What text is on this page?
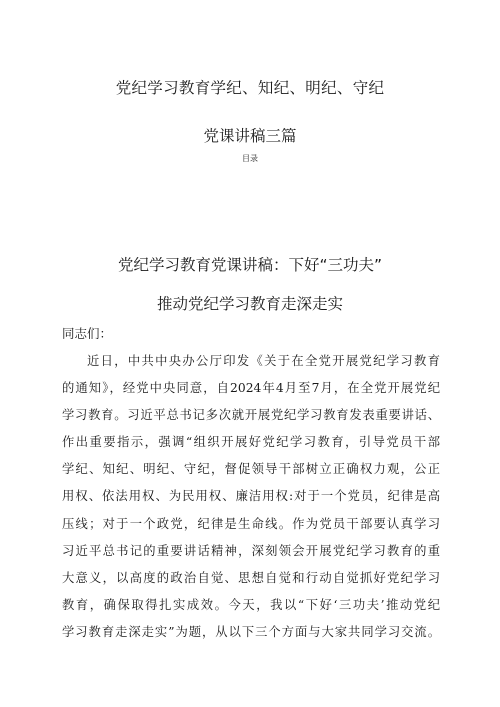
党纪学习教育学纪、知纪、明纪、守纪
党课讲稿三篇
目录
党纪学习教育党课讲稿：下好“三功夫”
推动党纪学习教育走深走实
同志们：
近日，中共中央办公厅印发《关于在全党开展党纪学习教育
的通知》，经党中央同意，自2024年4月至7月，在全党开展党纪
学习教育。习近平总书记多次就开展党纪学习教育发表重要讲话、
作出重要指示，强调“组织开展好党纪学习教育，引导党员干部
学纪、知纪、明纪、守纪，督促领导干部树立正确权力观，公正
用权、依法用权、为民用权、廉洁用权:对于一个党员，纪律是高
压线；对于一个政党，纪律是生命线。作为党员干部要认真学习
习近平总书记的重要讲话精神，深刻领会开展党纪学习教育的重
大意义，以高度的政治自觉、思想自觉和行动自觉抓好党纪学习
教育，确保取得扎实成效。今天，我以“下好‘三功夫’推动党纪
学习教育走深走实”为题，从以下三个方面与大家共同学习交流。
